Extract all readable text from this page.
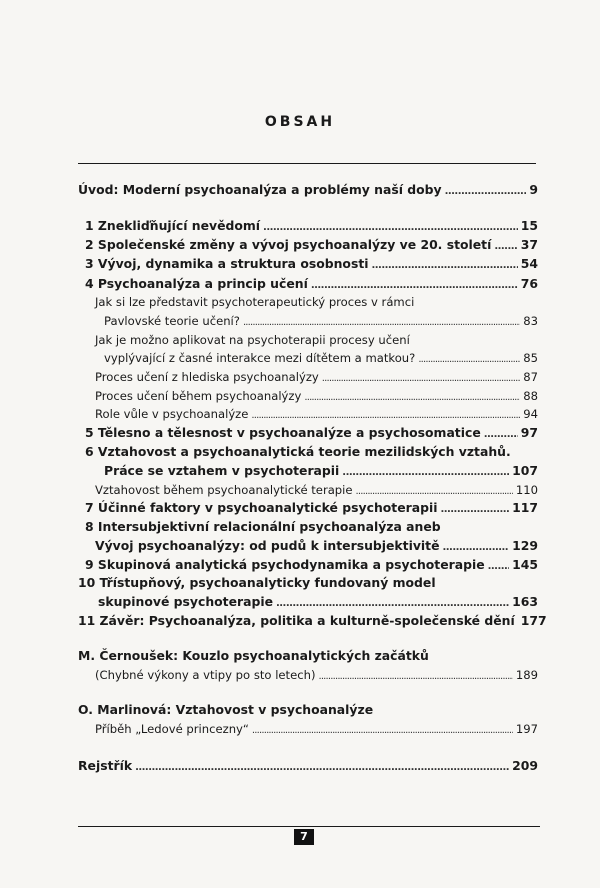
OBSAH
Úvod: Moderní psychoanalýza a problémy naší doby . . .	9
1 Znekliďňující nevědomí . . .	15
2 Společenské změny a vývoj psychoanalýzy ve 20. století . . . 37
3 Vývoj, dynamika a struktura osobnosti . . .	54
4 Psychoanalýza a princip učení . . .	76
Jak si lze představit psychoterapeutický proces v rámci
Pavlovské teorie učení? . . .	83
Jak je možno aplikovat na psychoterapii procesy učení
vyplývající z časné interakce mezi dítětem a matkou? . . .	85
Proces učení z hlediska psychoanalýzy . . .	87
Proces učení během psychoanalýzy . . .	88
Role vůle v psychoanalýze . . .	94
5 Tělesno a tělesnost v psychoanalýze a psychosomatice . . .	97
6 Vztahovost a psychoanalytická teorie mezilidských vztahů.
Práce se vztahem v psychoterapii . . .	107
Vztahovost během psychoanalytické terapie . . .	110
7 Účinné faktory v psychoanalytické psychoterapii . . .	117
8 Intersubjektivní relacionální psychoanalýza aneb
Vývoj psychoanalýzy: od pudů k intersubjektivitě . . .	129
9 Skupinová analytická psychodynamika a psychoterapie . . . 145
10 Třístupňový, psychoanalyticky fundovaný model
skupinové psychoterapie . . .	163
11 Závěr: Psychoanalýza, politika a kulturně-společenské dění 177
M. Černoušek: Kouzlo psychoanalytických začátků
(Chybné výkony a vtipy po sto letech) . . .	189
O. Marlinová: Vztahovost v psychoanalýze
Příběh „Ledové princezny“ . . .	197
Rejstřík . . .	209
7
